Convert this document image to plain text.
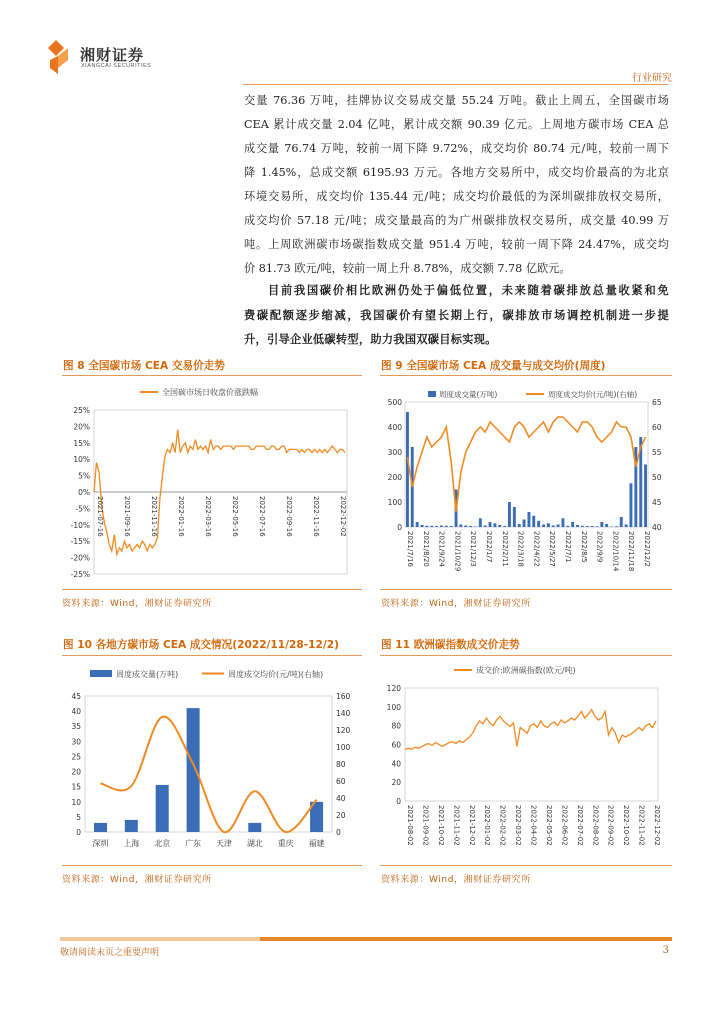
湘财证券
XIANGCAI SECURITIES
行业研究
交量 76.36 万吨，挂牌协议交易成交量 55.24 万吨。截止上周五，全国碳市场
CEA 累计成交量 2.04 亿吨，累计成交额 90.39 亿元。上周地方碳市场 CEA 总
成交量 76.74 万吨，较前一周下降 9.72%，成交均价 80.74 元/吨，较前一周下
降 1.45%，总成交额 6195.93 万元。各地方交易所中，成交均价最高的为北京
环境交易所，成交均价 135.44 元/吨；成交均价最低的为深圳碳排放权交易所，
成交均价 57.18 元/吨；成交量最高的为广州碳排放权交易所，成交量 40.99 万
吨。上周欧洲碳市场碳指数成交量 951.4 万吨，较前一周下降 24.47%，成交均
价 81.73 欧元/吨，较前一周上升 8.78%，成交额 7.78 亿欧元。
目前我国碳价相比欧洲仍处于偏低位置，未来随着碳排放总量收紧和免
费碳配额逐步缩减，我国碳价有望长期上行，碳排放市场调控机制进一步提
升，引导企业低碳转型，助力我国双碳目标实现。
图 8 全国碳市场 CEA 交易价走势	图 9 全国碳市场 CEA 成交量与成交均价(周度)
全国碳市场日收盘价涨跌幅
25%
20%
15%
10%
5%
0%
-5%
-10%
-15%
-20%
-25%
2021-07-16	2021-09-16	2021-11-16	2022-01-16	2022-03-16	2022-05-16	2022-07-16	2022-09-16	2022-11-16	2022-12-02
周度成交量(万吨)	周度成交均价(元/吨)(右轴)
500
400
300
200
100
0
65
60
55
50
45
40
2021/7/16 2021/8/20 2021/9/24 2021/10/29 2021/12/3 2022/1/7 2022/2/11 2022/3/18 2022/4/22 2022/5/27 2022/7/1 2022/8/5 2022/9/9 2022/10/14 2022/11/18 2022/12/2
资料来源：Wind，湘财证券研究所	资料来源：Wind，湘财证券研究所
图 10 各地方碳市场 CEA 成交情况(2022/11/28-12/2)	图 11 欧洲碳指数成交价走势
周度成交量(万吨)	周度成交均价(元/吨)(右轴)
45
40
35
30
25
20
15
10
5
0
160
140
120
100
80
60
40
20
0
深圳 上海 北京 广东 天津 湖北 重庆 福建
成交价:欧洲碳指数(欧元/吨)
120
100
80
60
40
20
0
2021-08-02 2021-09-02 2021-10-02 2021-11-02 2021-12-02 2022-01-02 2022-02-02 2022-03-02 2022-04-02 2022-05-02 2022-06-02 2022-07-02 2022-08-02 2022-09-02 2022-10-02 2022-11-02 2022-12-02
资料来源：Wind，湘财证券研究所	资料来源：Wind，湘财证券研究所
敬请阅读末页之重要声明	3
